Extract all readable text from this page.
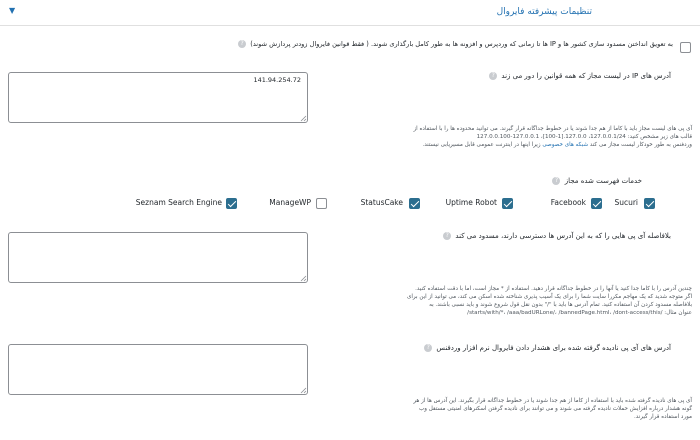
تنظیمات پیشرفته فایروال
▼
به تعویق انداختن مسدود سازی کشور ها و IP ها تا زمانی که وردپرس و افزونه ها به طور کامل بارگذاری شوند. ( فقط قوانین فایروال زودتر پردازش شوند) ?
آدرس های IP در لیست مجاز که همه قوانین را دور می زند ?
141.94.254.72
آی پی های لیست مجاز باید با کاما از هم جدا شوند یا در خطوط جداگانه قرار گیرند. می توانید محدوده ها را با استفاده از
قالب های زیر مشخص کنید: 127.0.0.1/24، 127.0.0.[1-100]، 127.0.0.1-127.0.0.100
وردفنس به طور خودکار لیست مجاز می کند شبکه های خصوصی زیرا اینها در اینترنت عمومی قابل مسیریابی نیستند.
خدمات فهرست شده مجاز ?
Sucuri
Facebook
Uptime Robot
StatusCake
ManageWP
Seznam Search Engine
بلافاصله آی پی هایی را که به این آدرس ها دسترسی دارند، مسدود می کند ?
چندین آدرس را با کاما جدا کنید یا آنها را در خطوط جداگانه قرار دهید. استفاده از * مجاز است، اما با دقت استفاده کنید.
اگر متوجه شدید که یک مهاجم مکررا سایت شما را برای یک آسیب پذیری شناخته شده اسکن می کند، می توانید از این برای
بلافاصله مسدود کردن آن استفاده کنید. تمام آدرس ها باید با "/" بدون نقل قول شروع شوند و باید نسبی باشند. به
عنوان مثال: /starts/with/*، /aaa/badURLone/، /bannedPage.html، /dont-access/this/
آدرس های آی پی نادیده گرفته شده برای هشدار دادن فایروال نرم افزار وردفنس ?
آی پی های نادیده گرفته شده باید با استفاده از کاما از هم جدا شوند یا در خطوط جداگانه قرار بگیرند. این آدرس ها از هر
گونه هشدار درباره افزایش حملات نادیده گرفته می شوند و می توانند برای نادیده گرفتن اسکنرهای امنیتی مستقل وب
مورد استفاده قرار گیرند.
